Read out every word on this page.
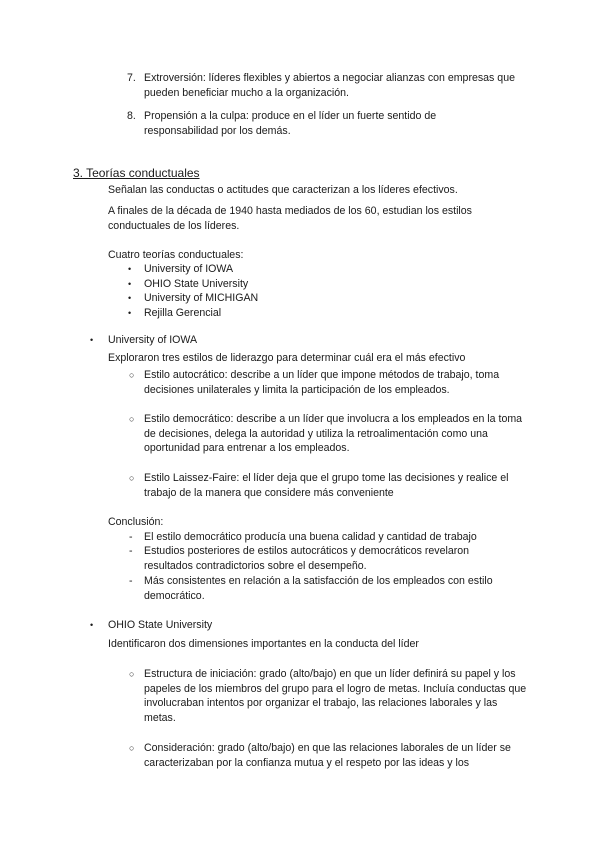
7. Extroversión: líderes flexibles y abiertos a negociar alianzas con empresas que pueden beneficiar mucho a la organización.

8. Propensión a la culpa: produce en el líder un fuerte sentido de responsabilidad por los demás.

3. Teorías conductuales

Señalan las conductas o actitudes que caracterizan a los líderes efectivos.

A finales de la década de 1940 hasta mediados de los 60, estudian los estilos conductuales de los líderes.

Cuatro teorías conductuales:

• University of IOWA
• OHIO State University
• University of MICHIGAN
• Rejilla Gerencial
• University of IOWA

Exploraron tres estilos de liderazgo para determinar cuál era el más efectivo

○ Estilo autocrático: describe a un líder que impone métodos de trabajo, toma decisiones unilaterales y limita la participación de los empleados.

○ Estilo democrático: describe a un líder que involucra a los empleados en la toma de decisiones, delega la autoridad y utiliza la retroalimentación como una oportunidad para entrenar a los empleados.

○ Estilo Laissez-Faire: el líder deja que el grupo tome las decisiones y realice el trabajo de la manera que considere más conveniente

Conclusión:

- El estilo democrático producía una buena calidad y cantidad de trabajo

- Estudios posteriores de estilos autocráticos y democráticos revelaron resultados contradictorios sobre el desempeño.

- Más consistentes en relación a la satisfacción de los empleados con estilo democrático.

• OHIO State University

Identificaron dos dimensiones importantes en la conducta del líder

○ Estructura de iniciación: grado (alto/bajo) en que un líder definirá su papel y los papeles de los miembros del grupo para el logro de metas. Incluía conductas que involucraban intentos por organizar el trabajo, las relaciones laborales y las metas.

○ Consideración: grado (alto/bajo) en que las relaciones laborales de un líder se caracterizaban por la confianza mutua y el respeto por las ideas y los
